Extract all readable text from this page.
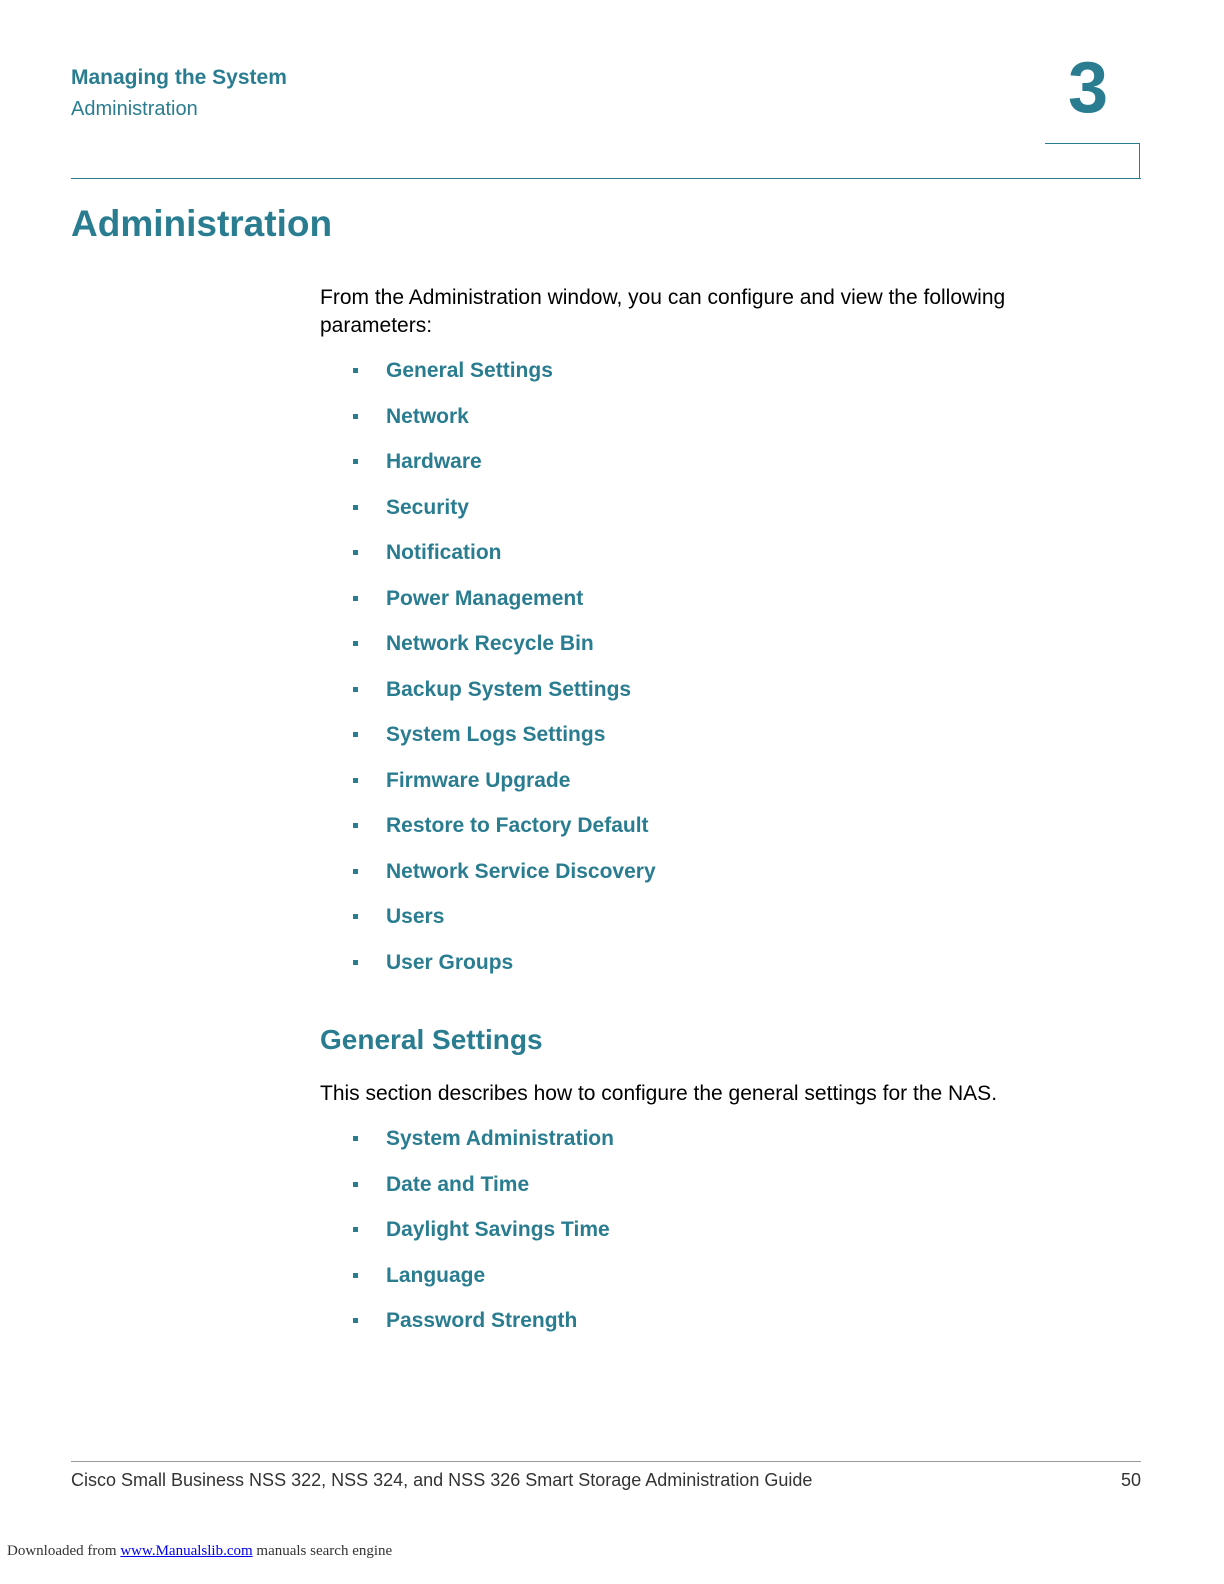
Managing the System
Administration	3
Administration

From the Administration window, you can configure and view the following parameters:

General Settings
Network
Hardware
Security
Notification
Power Management
Network Recycle Bin
Backup System Settings
System Logs Settings
Firmware Upgrade
Restore to Factory Default
Network Service Discovery
Users
User Groups
General Settings

This section describes how to configure the general settings for the NAS.

System Administration
Date and Time
Daylight Savings Time
Language
Password Strength
Cisco Small Business NSS 322, NSS 324, and NSS 326 Smart Storage Administration Guide	50
Downloaded from www.Manualslib.com manuals search engine
